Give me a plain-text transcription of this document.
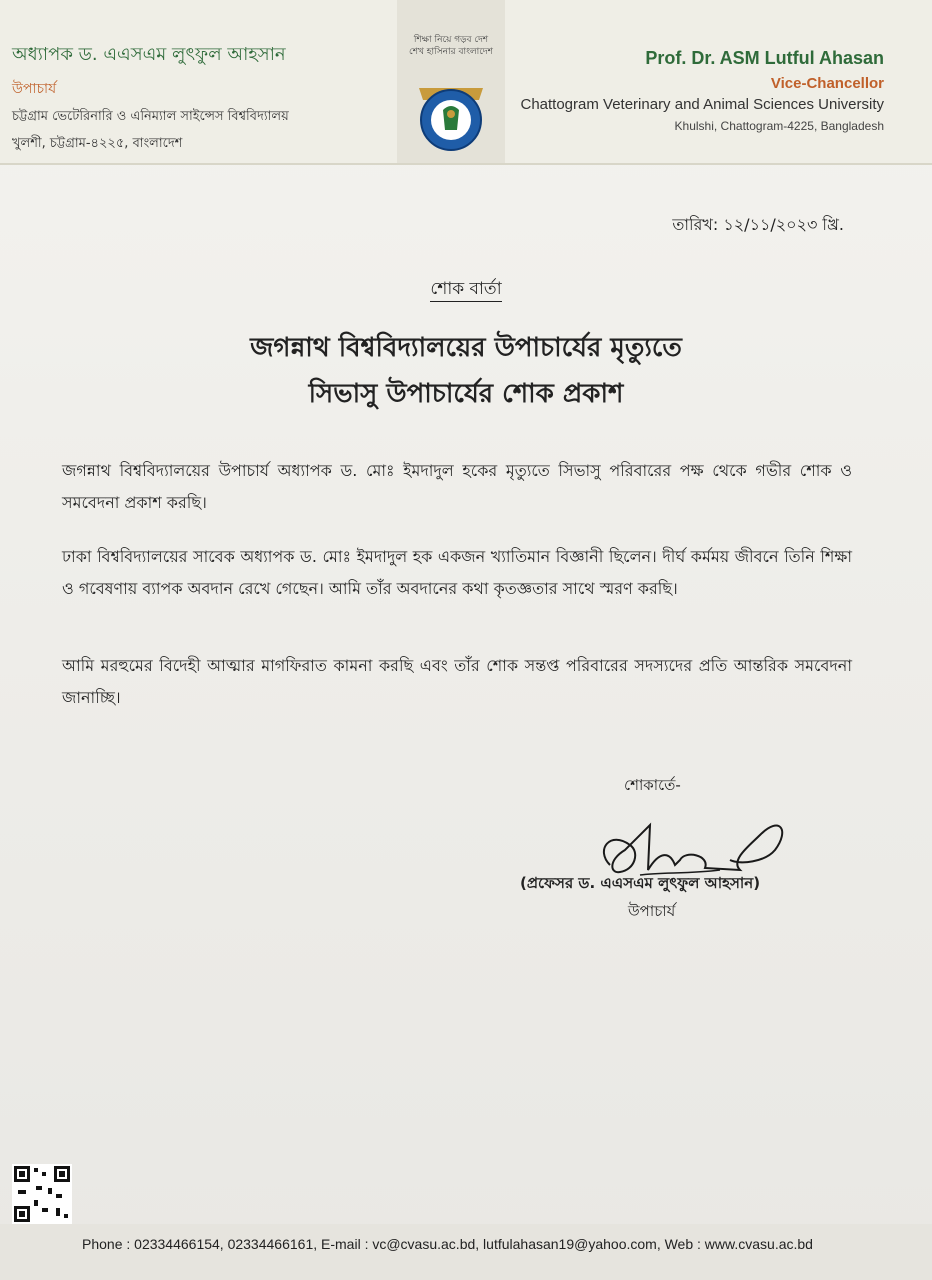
অধ্যাপক ড. এএসএম লুৎফুল আহসান
উপাচার্য
চট্টগ্রাম ভেটেরিনারি ও এনিম্যাল সাইন্সেস বিশ্ববিদ্যালয়
খুলশী, চট্টগ্রাম-৪২২৫, বাংলাদেশ
শিক্ষা নিয়ে গড়ব দেশ
শেখ হাসিনার বাংলাদেশ	Prof. Dr. ASM Lutful Ahasan
Vice-Chancellor
Chattogram Veterinary and Animal Sciences University
Khulshi, Chattogram-4225, Bangladesh
তারিখ: ১২/১১/২০২৩ খ্রি.
শোক বার্তা
জগন্নাথ বিশ্ববিদ্যালয়ের উপাচার্যের মৃত্যুতে
সিভাসু উপাচার্যের শোক প্রকাশ
জগন্নাথ বিশ্ববিদ্যালয়ের উপাচার্য অধ্যাপক ড. মোঃ ইমদাদুল হকের মৃত্যুতে সিভাসু পরিবারের পক্ষ থেকে গভীর শোক ও সমবেদনা প্রকাশ করছি।
ঢাকা বিশ্ববিদ্যালয়ের সাবেক অধ্যাপক ড. মোঃ ইমদাদুল হক একজন খ্যাতিমান বিজ্ঞানী ছিলেন। দীর্ঘ কর্মময় জীবনে তিনি শিক্ষা ও গবেষণায় ব্যাপক অবদান রেখে গেছেন। আমি তাঁর অবদানের কথা কৃতজ্ঞতার সাথে স্মরণ করছি।
আমি মরহুমের বিদেহী আত্মার মাগফিরাত কামনা করছি এবং তাঁর শোক সন্তপ্ত পরিবারের সদস্যদের প্রতি আন্তরিক সমবেদনা জানাচ্ছি।
শোকার্তে-
(প্রফেসর ড. এএসএম লুৎফুল আহসান)
উপাচার্য
Phone : 02334466154, 02334466161, E-mail : vc@cvasu.ac.bd, lutfulahasan19@yahoo.com, Web : www.cvasu.ac.bd
